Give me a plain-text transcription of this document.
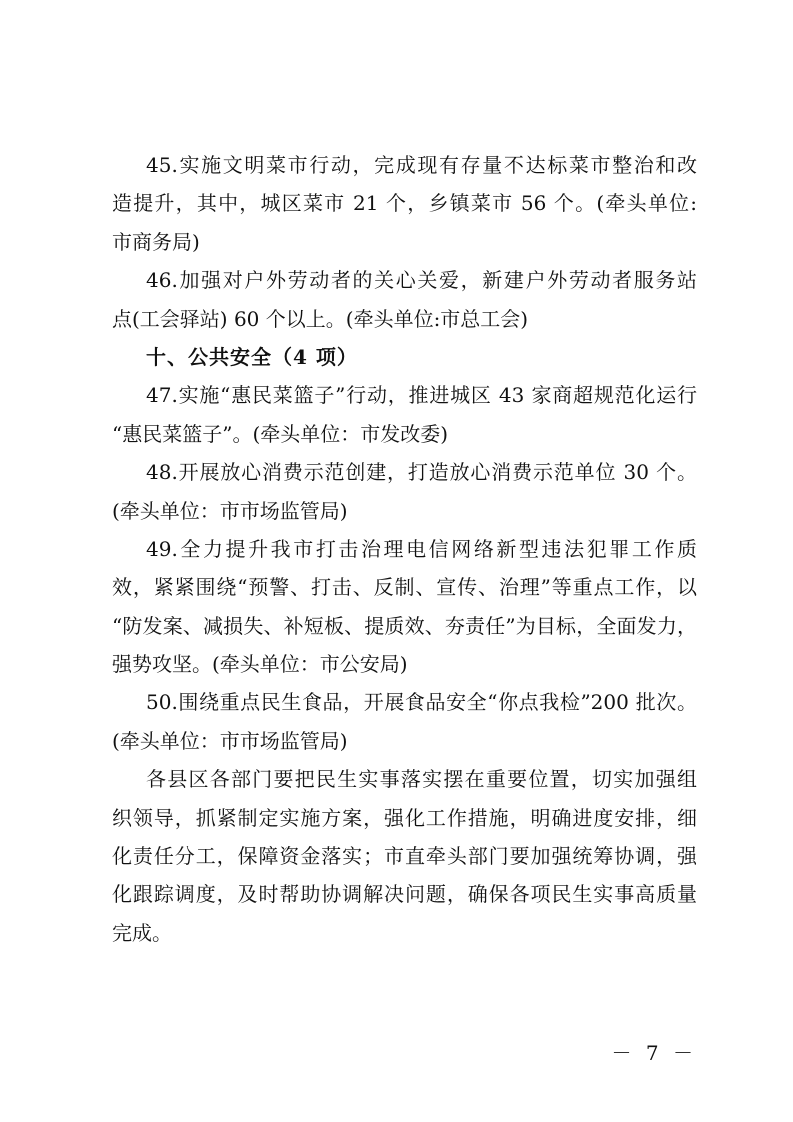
45.实施文明菜市行动，完成现有存量不达标菜市整治和改
造提升，其中，城区菜市 21 个，乡镇菜市 56 个。(牵头单位:
市商务局)
46.加强对户外劳动者的关心关爱，新建户外劳动者服务站
点(工会驿站) 60 个以上。(牵头单位:市总工会)
十、公共安全（4 项）
47.实施“惠民菜篮子”行动，推进城区 43 家商超规范化运行
“惠民菜篮子”。(牵头单位：市发改委)
48.开展放心消费示范创建，打造放心消费示范单位 30 个。
(牵头单位：市市场监管局)
49.全力提升我市打击治理电信网络新型违法犯罪工作质
效，紧紧围绕“预警、打击、反制、宣传、治理”等重点工作，以
“防发案、减损失、补短板、提质效、夯责任”为目标，全面发力，
强势攻坚。(牵头单位：市公安局)
50.围绕重点民生食品，开展食品安全“你点我检”200 批次。
(牵头单位：市市场监管局)
各县区各部门要把民生实事落实摆在重要位置，切实加强组
织领导，抓紧制定实施方案，强化工作措施，明确进度安排，细
化责任分工，保障资金落实；市直牵头部门要加强统筹协调，强
化跟踪调度，及时帮助协调解决问题，确保各项民生实事高质量
完成。
－ 7 －
